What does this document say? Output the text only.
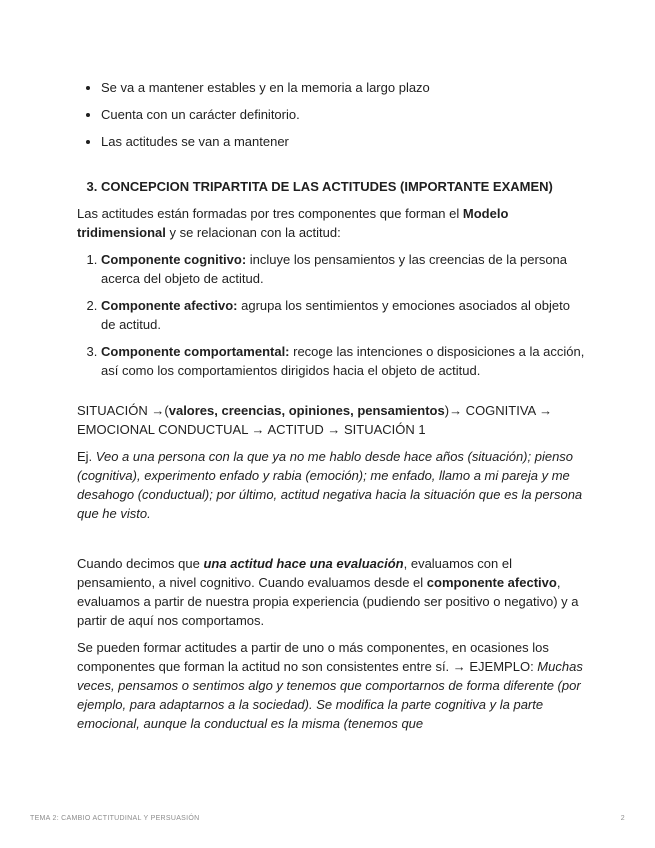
• Se va a mantener estables y en la memoria a largo plazo
• Cuenta con un carácter definitorio.
• Las actitudes se van a mantener
3. CONCEPCION TRIPARTITA DE LAS ACTITUDES (IMPORTANTE EXAMEN)

Las actitudes están formadas por tres componentes que forman el Modelo tridimensional y se relacionan con la actitud:

1. Componente cognitivo: incluye los pensamientos y las creencias de la persona acerca del objeto de actitud.
2. Componente afectivo: agrupa los sentimientos y emociones asociados al objeto de actitud.
3. Componente comportamental: recoge las intenciones o disposiciones a la acción, así como los comportamientos dirigidos hacia el objeto de actitud.

SITUACIÓN →(valores, creencias, opiniones, pensamientos)→ COGNITIVA → EMOCIONAL CONDUCTUAL → ACTITUD → SITUACIÓN 1

Ej. Veo a una persona con la que ya no me hablo desde hace años (situación); pienso (cognitiva), experimento enfado y rabia (emoción); me enfado, llamo a mi pareja y me desahogo (conductual); por último, actitud negativa hacia la situación que es la persona que he visto.

Cuando decimos que una actitud hace una evaluación, evaluamos con el pensamiento, a nivel cognitivo. Cuando evaluamos desde el componente afectivo, evaluamos a partir de nuestra propia experiencia (pudiendo ser positivo o negativo) y a partir de aquí nos comportamos.

Se pueden formar actitudes a partir de uno o más componentes, en ocasiones los componentes que forman la actitud no son consistentes entre sí. → EJEMPLO: Muchas veces, pensamos o sentimos algo y tenemos que comportarnos de forma diferente (por ejemplo, para adaptarnos a la sociedad). Se modifica la parte cognitiva y la parte emocional, aunque la conductual es la misma (tenemos que

TEMA 2: CAMBIO ACTITUDINAL Y PERSUASIÓN	2
